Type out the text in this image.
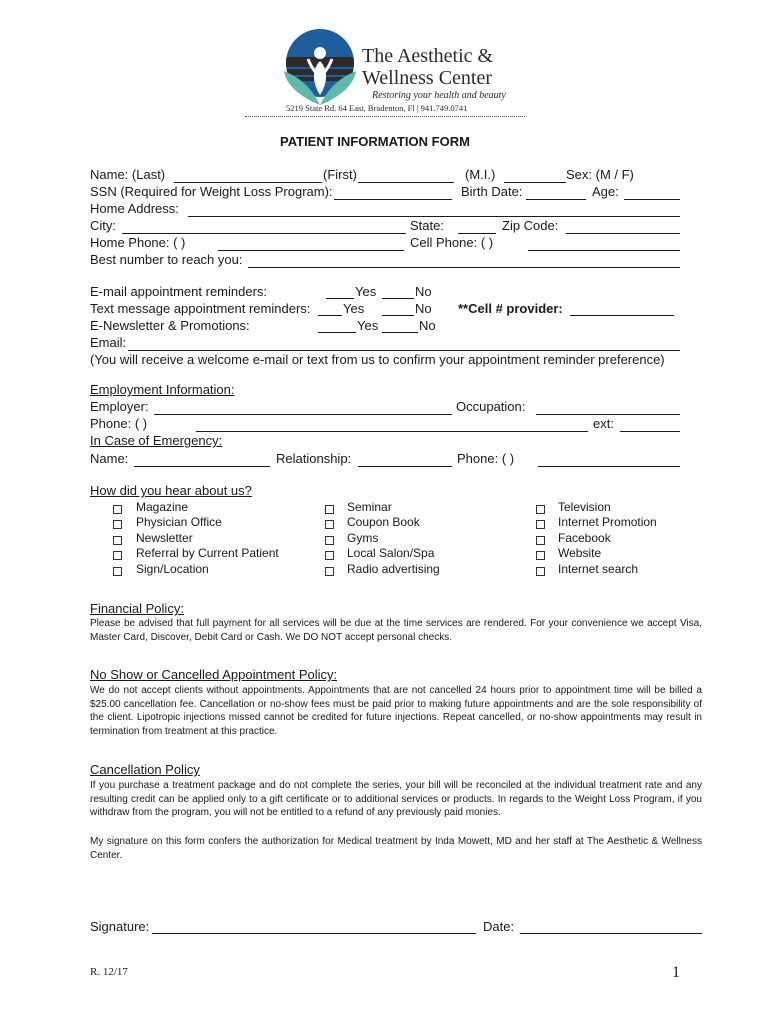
The Aesthetic &
Wellness Center
Restoring your health and beauty
5219 State Rd. 64 East, Bradenton, Fl | 941.749.0741
PATIENT INFORMATION FORM
Name: (Last)	(First)	(M.I.)	Sex: (M / F)
SSN (Required for Weight Loss Program):	Birth Date:	Age:
Home Address:
City:	State:	Zip Code:
Home Phone: ( )	Cell Phone: ( )
Best number to reach you:
E-mail appointment reminders:	Yes	No
Text message appointment reminders:	Yes	No **Cell # provider:
E-Newsletter & Promotions:	Yes	No
Email:
(You will receive a welcome e-mail or text from us to confirm your appointment reminder preference)
Employment Information:
Employer:	Occupation:
Phone: ( )	ext:
In Case of Emergency:
Name:	Relationship:	Phone: ( )
How did you hear about us?
Magazine
Physician Office
Newsletter
Referral by Current Patient
Sign/Location
Seminar
Coupon Book
Gyms
Local Salon/Spa
Radio advertising
Television
Internet Promotion
Facebook
Website
Internet search
Financial Policy:
Please be advised that full payment for all services will be due at the time services are rendered. For your convenience we accept Visa, Master Card, Discover, Debit Card or Cash. We DO NOT accept personal checks.
No Show or Cancelled Appointment Policy:
We do not accept clients without appointments. Appointments that are not cancelled 24 hours prior to appointment time will be billed a $25.00 cancellation fee. Cancellation or no-show fees must be paid prior to making future appointments and are the sole responsibility of the client. Lipotropic injections missed cannot be credited for future injections. Repeat cancelled, or no-show appointments may result in termination from treatment at this practice.
Cancellation Policy
If you purchase a treatment package and do not complete the series, your bill will be reconciled at the individual treatment rate and any resulting credit can be applied only to a gift certificate or to additional services or products. In regards to the Weight Loss Program, if you withdraw from the program, you will not be entitled to a refund of any previously paid monies.
My signature on this form confers the authorization for Medical treatment by Inda Mowett, MD and her staff at The Aesthetic & Wellness Center.
Signature:	Date:
R. 12/17	1
